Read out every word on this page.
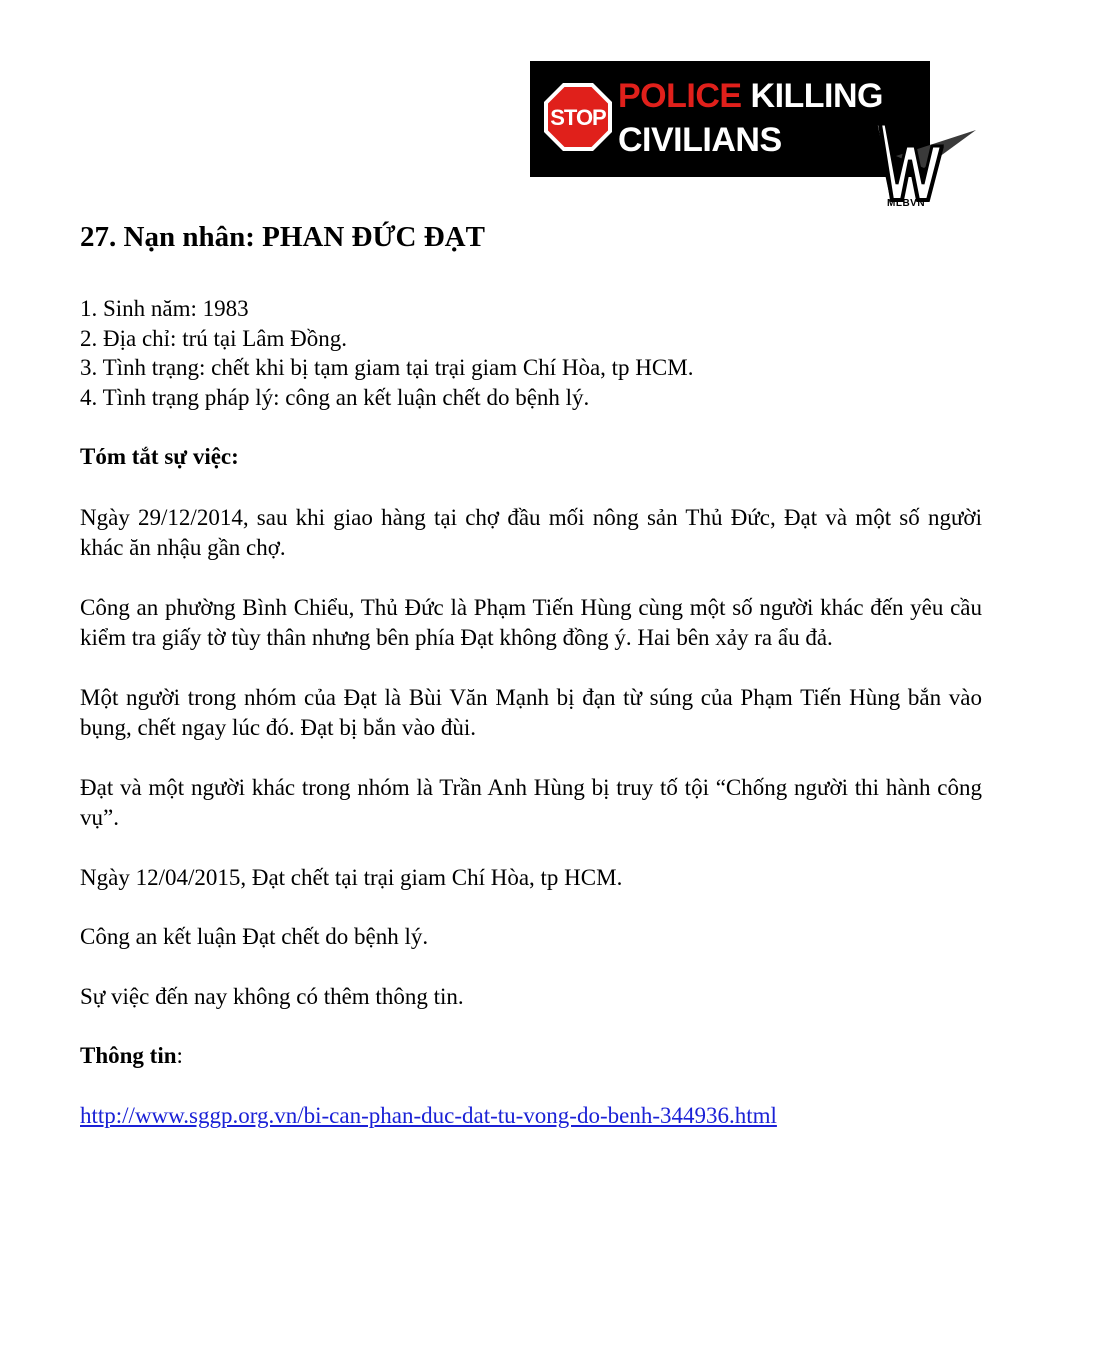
STOP
POLICE KILLING
CIVILIANS
MLBVN
27. Nạn nhân: PHAN ĐỨC ĐẠT
1. Sinh năm: 1983
2. Địa chỉ: trú tại Lâm Đồng.
3. Tình trạng: chết khi bị tạm giam tại trại giam Chí Hòa, tp HCM.
4. Tình trạng pháp lý: công an kết luận chết do bệnh lý.

Tóm tắt sự việc:

Ngày 29/12/2014, sau khi giao hàng tại chợ đầu mối nông sản Thủ Đức, Đạt và một số người khác ăn nhậu gần chợ.

Công an phường Bình Chiểu, Thủ Đức là Phạm Tiến Hùng cùng một số người khác đến yêu cầu kiểm tra giấy tờ tùy thân nhưng bên phía Đạt không đồng ý. Hai bên xảy ra ẩu đả.

Một người trong nhóm của Đạt là Bùi Văn Mạnh bị đạn từ súng của Phạm Tiến Hùng bắn vào bụng, chết ngay lúc đó. Đạt bị bắn vào đùi.

Đạt và một người khác trong nhóm là Trần Anh Hùng bị truy tố tội “Chống người thi hành công vụ”.

Ngày 12/04/2015, Đạt chết tại trại giam Chí Hòa, tp HCM.

Công an kết luận Đạt chết do bệnh lý.

Sự việc đến nay không có thêm thông tin.

Thông tin:

http://www.sggp.org.vn/bi-can-phan-duc-dat-tu-vong-do-benh-344936.html
